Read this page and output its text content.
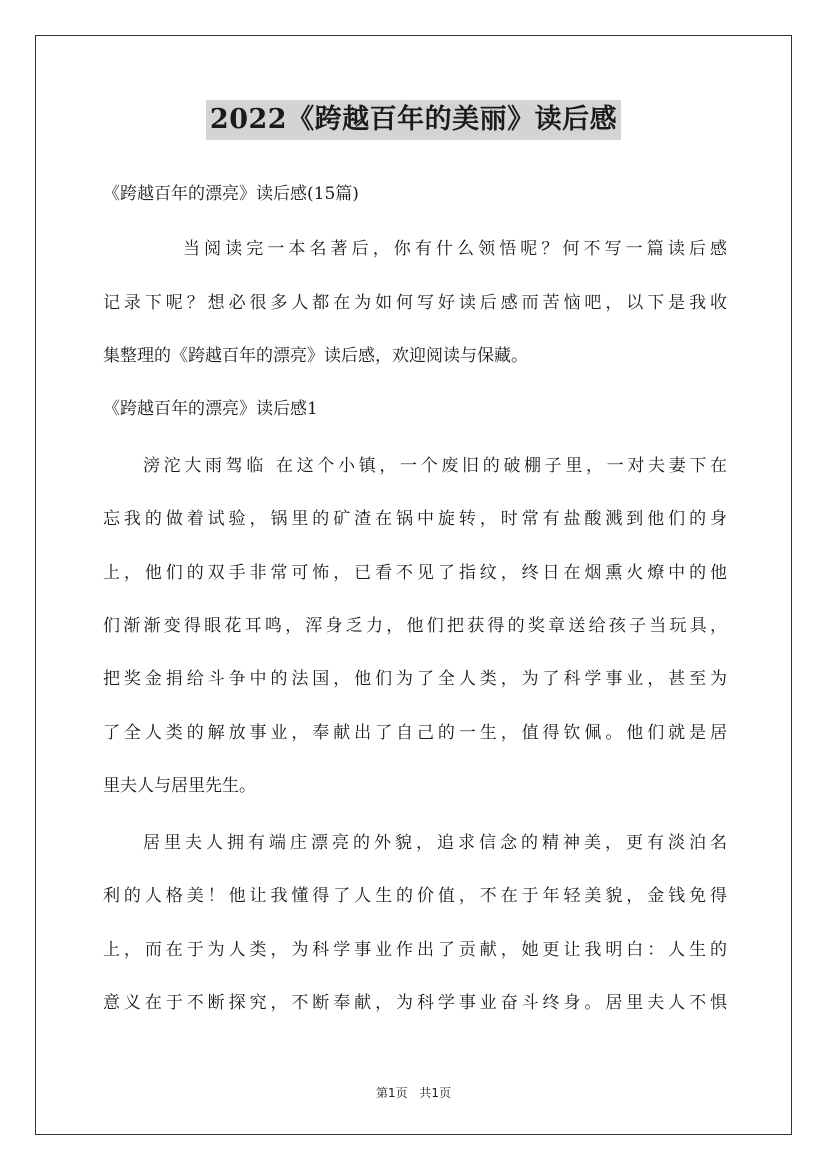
2022《跨越百年的美丽》读后感
《跨越百年的漂亮》读后感(15篇)
当阅读完一本名著后，你有什么领悟呢？何不写一篇读后感
记录下呢？想必很多人都在为如何写好读后感而苦恼吧，以下是我收
集整理的《跨越百年的漂亮》读后感，欢迎阅读与保藏。
《跨越百年的漂亮》读后感1
滂沱大雨驾临 在这个小镇，一个废旧的破棚子里，一对夫妻下在
忘我的做着试验，锅里的矿渣在锅中旋转，时常有盐酸溅到他们的身
上，他们的双手非常可怖，已看不见了指纹，终日在烟熏火燎中的他
们渐渐变得眼花耳鸣，浑身乏力，他们把获得的奖章送给孩子当玩具，
把奖金捐给斗争中的法国，他们为了全人类，为了科学事业，甚至为
了全人类的解放事业，奉献出了自己的一生，值得钦佩。他们就是居
里夫人与居里先生。
居里夫人拥有端庄漂亮的外貌，追求信念的精神美，更有淡泊名
利的人格美！他让我懂得了人生的价值，不在于年轻美貌，金钱免得
上，而在于为人类，为科学事业作出了贡献，她更让我明白：人生的
意义在于不断探究，不断奉献，为科学事业奋斗终身。居里夫人不惧
第1页 共1页
